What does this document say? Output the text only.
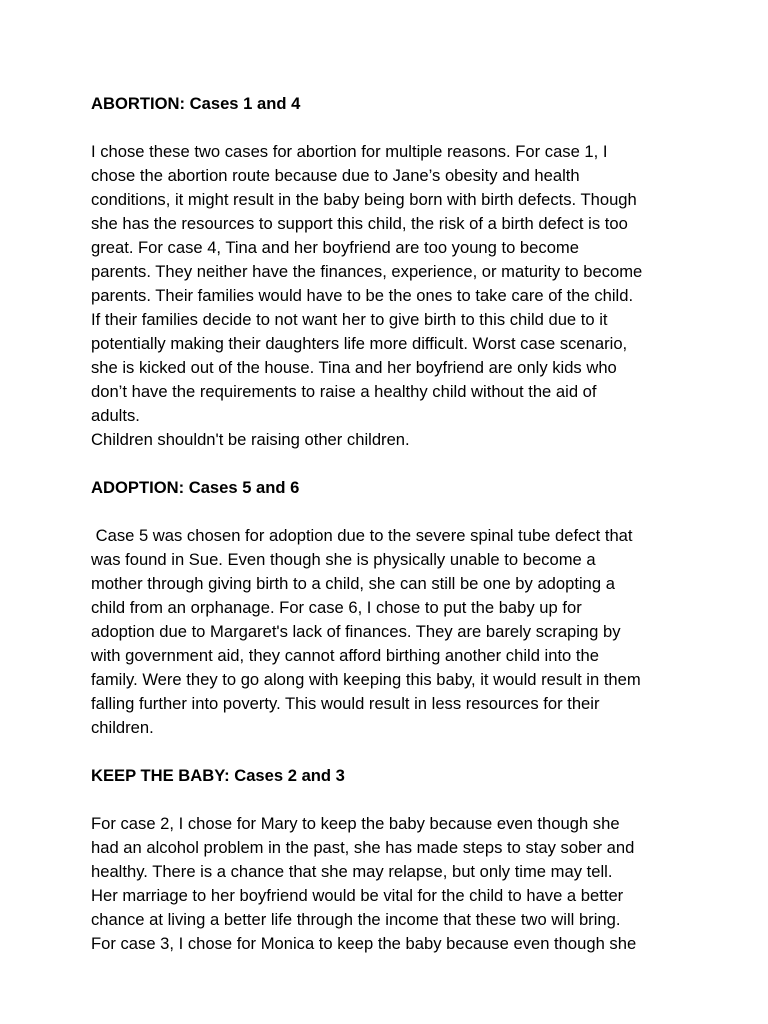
ABORTION: Cases 1 and 4

I chose these two cases for abortion for multiple reasons. For case 1, I
chose the abortion route because due to Jane’s obesity and health
conditions, it might result in the baby being born with birth defects. Though
she has the resources to support this child, the risk of a birth defect is too
great. For case 4, Tina and her boyfriend are too young to become
parents. They neither have the finances, experience, or maturity to become
parents. Their families would have to be the ones to take care of the child.
If their families decide to not want her to give birth to this child due to it
potentially making their daughters life more difficult. Worst case scenario,
she is kicked out of the house. Tina and her boyfriend are only kids who
don’t have the requirements to raise a healthy child without the aid of
adults.

Children shouldn't be raising other children.

ADOPTION: Cases 5 and 6

Case 5 was chosen for adoption due to the severe spinal tube defect that
was found in Sue. Even though she is physically unable to become a
mother through giving birth to a child, she can still be one by adopting a
child from an orphanage. For case 6, I chose to put the baby up for
adoption due to Margaret's lack of finances. They are barely scraping by
with government aid, they cannot afford birthing another child into the
family. Were they to go along with keeping this baby, it would result in them
falling further into poverty. This would result in less resources for their
children.

KEEP THE BABY: Cases 2 and 3

For case 2, I chose for Mary to keep the baby because even though she
had an alcohol problem in the past, she has made steps to stay sober and
healthy. There is a chance that she may relapse, but only time may tell.
Her marriage to her boyfriend would be vital for the child to have a better
chance at living a better life through the income that these two will bring.
For case 3, I chose for Monica to keep the baby because even though she
